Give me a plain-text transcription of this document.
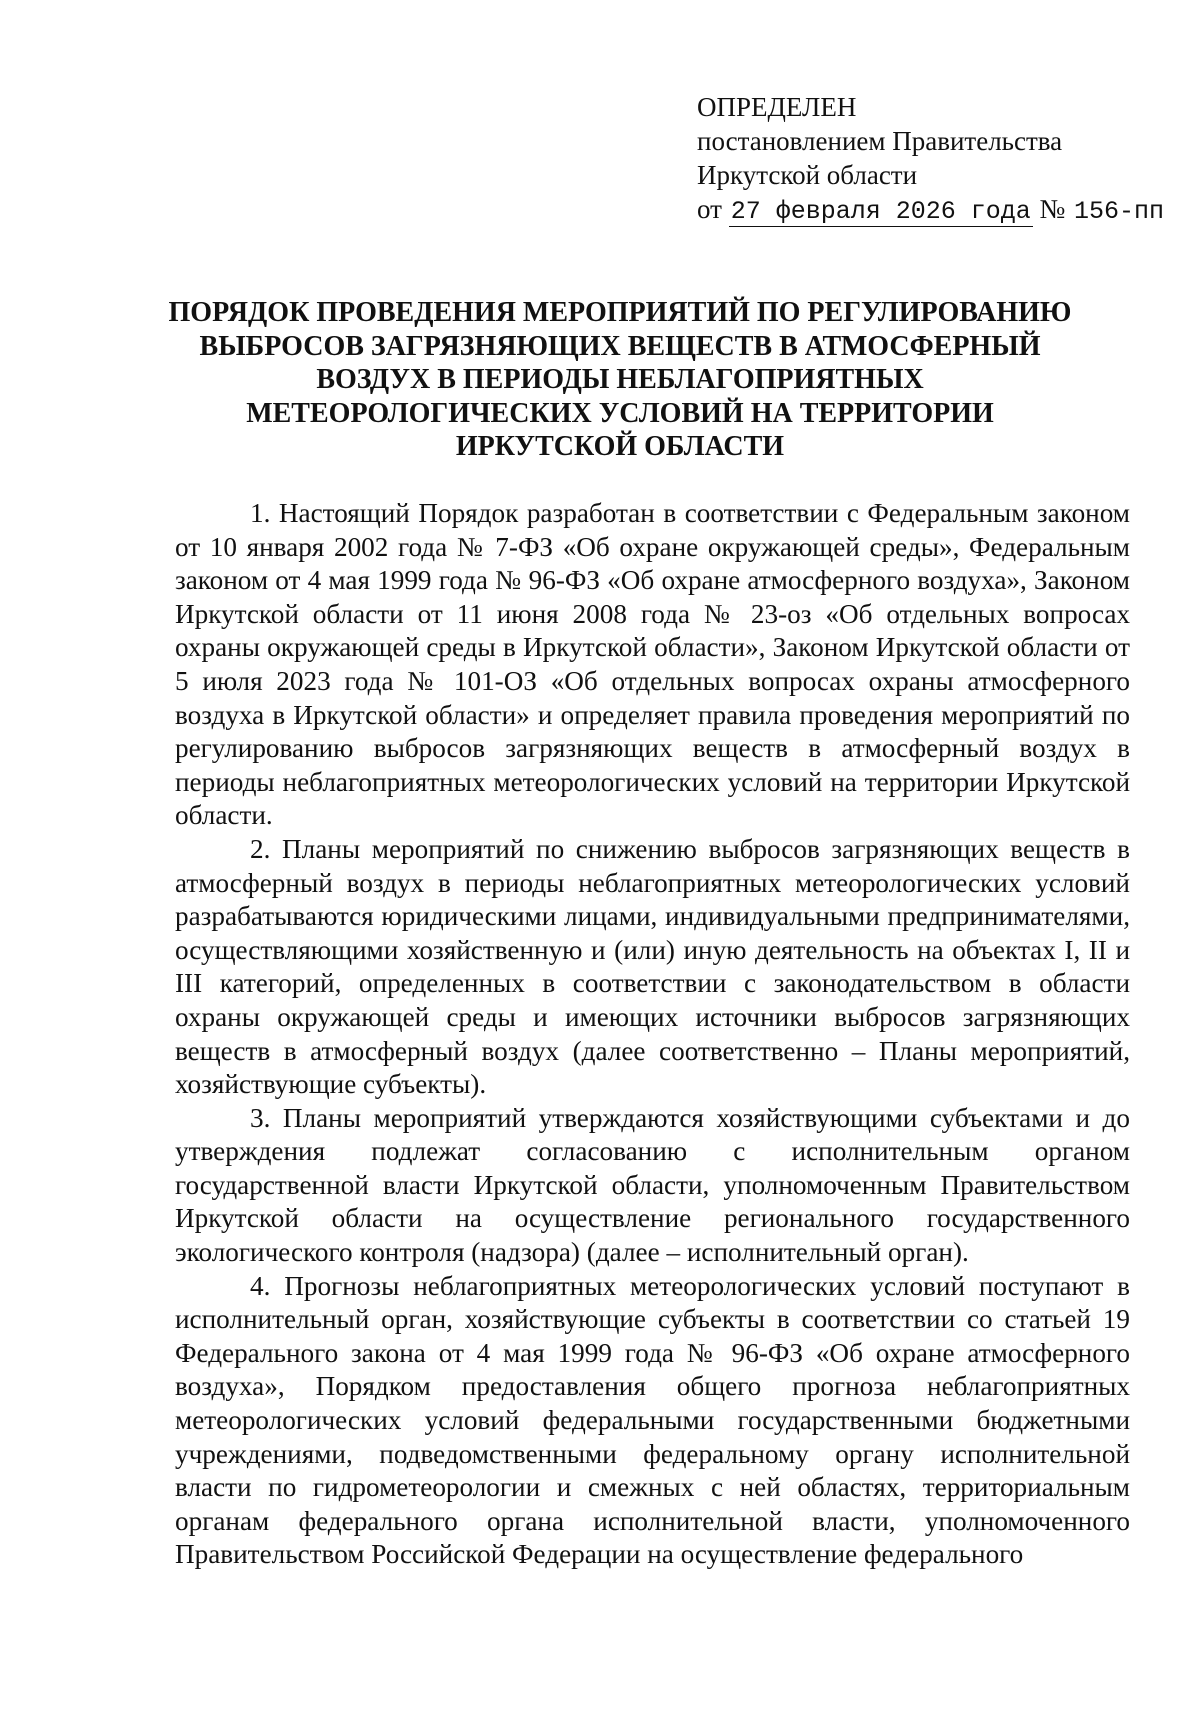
ОПРЕДЕЛЕН
постановлением Правительства
Иркутской области
от 27 февраля 2026 года № 156-пп
ПОРЯДОК ПРОВЕДЕНИЯ МЕРОПРИЯТИЙ ПО РЕГУЛИРОВАНИЮ
ВЫБРОСОВ ЗАГРЯЗНЯЮЩИХ ВЕЩЕСТВ В АТМОСФЕРНЫЙ
ВОЗДУХ В ПЕРИОДЫ НЕБЛАГОПРИЯТНЫХ
МЕТЕОРОЛОГИЧЕСКИХ УСЛОВИЙ НА ТЕРРИТОРИИ
ИРКУТСКОЙ ОБЛАСТИ

1. Настоящий Порядок разработан в соответствии с Федеральным законом от 10 января 2002 года № 7-ФЗ «Об охране окружающей среды», Федеральным законом от 4 мая 1999 года № 96-ФЗ «Об охране атмосферного воздуха», Законом Иркутской области от 11 июня 2008 года № 23-оз «Об отдельных вопросах охраны окружающей среды в Иркутской области», Законом Иркутской области от 5 июля 2023 года № 101-ОЗ «Об отдельных вопросах охраны атмосферного воздуха в Иркутской области» и определяет правила проведения мероприятий по регулированию выбросов загрязняющих веществ в атмосферный воздух в периоды неблагоприятных метеорологических условий на территории Иркутской области.

2. Планы мероприятий по снижению выбросов загрязняющих веществ в атмосферный воздух в периоды неблагоприятных метеорологических условий разрабатываются юридическими лицами, индивидуальными предпринимателями, осуществляющими хозяйственную и (или) иную деятельность на объектах I, II и III категорий, определенных в соответствии с законодательством в области охраны окружающей среды и имеющих источники выбросов загрязняющих веществ в атмосферный воздух (далее соответственно – Планы мероприятий, хозяйствующие субъекты).

3. Планы мероприятий утверждаются хозяйствующими субъектами и до утверждения подлежат согласованию с исполнительным органом государственной власти Иркутской области, уполномоченным Правительством Иркутской области на осуществление регионального государственного экологического контроля (надзора) (далее – исполнительный орган).

4. Прогнозы неблагоприятных метеорологических условий поступают в исполнительный орган, хозяйствующие субъекты в соответствии со статьей 19 Федерального закона от 4 мая 1999 года № 96-ФЗ «Об охране атмосферного воздуха», Порядком предоставления общего прогноза неблагоприятных метеорологических условий федеральными государственными бюджетными учреждениями, подведомственными федеральному органу исполнительной власти по гидрометеорологии и смежных с ней областях, территориальным органам федерального органа исполнительной власти, уполномоченного Правительством Российской Федерации на осуществление федерального
